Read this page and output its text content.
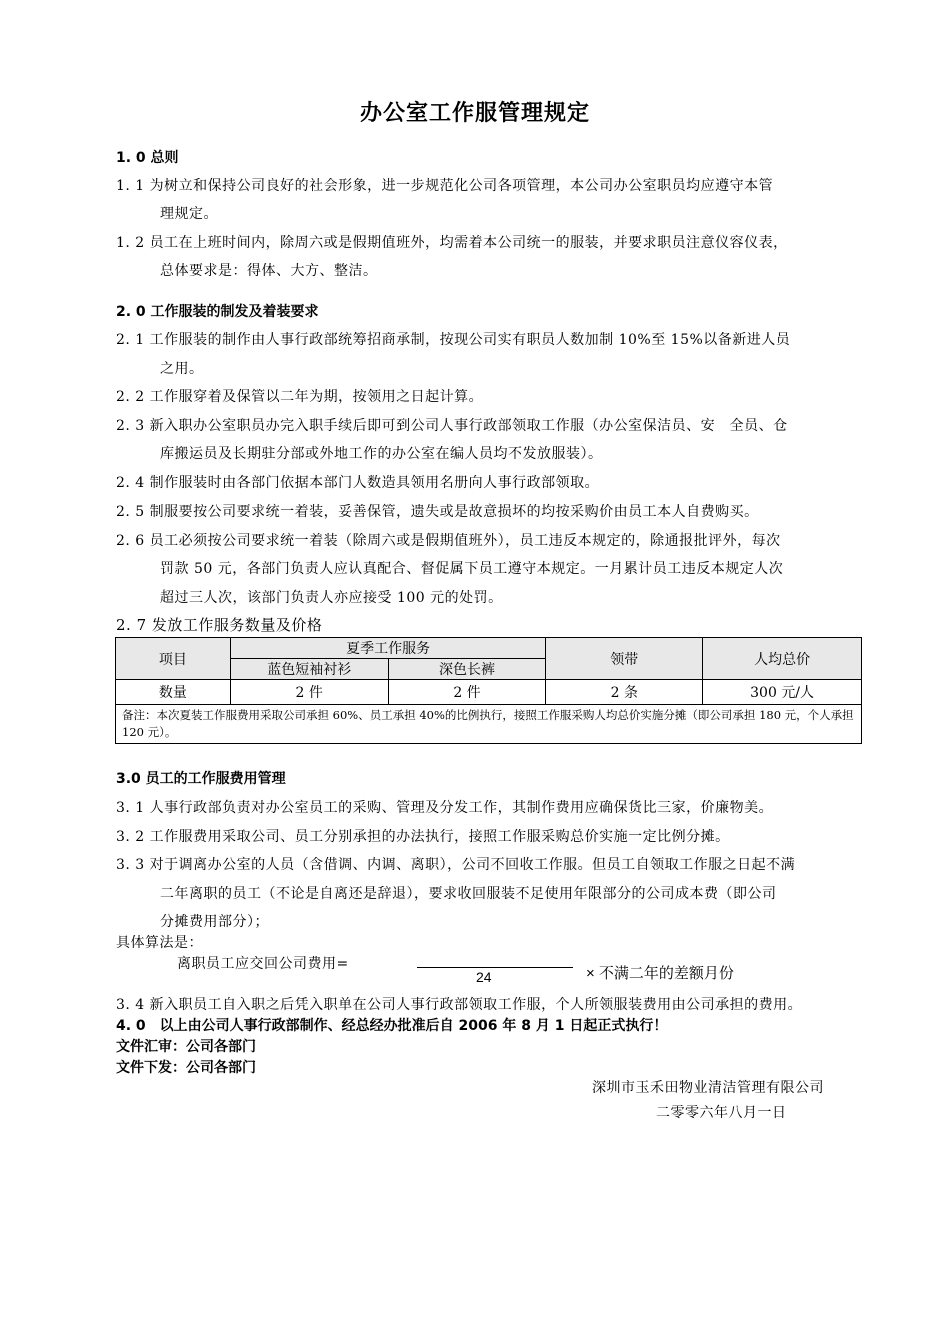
办公室工作服管理规定
1. 0 总则
1. 1 为树立和保持公司良好的社会形象，进一步规范化公司各项管理，本公司办公室职员均应遵守本管
理规定。
1. 2 员工在上班时间内，除周六或是假期值班外，均需着本公司统一的服装，并要求职员注意仪容仪表，
总体要求是：得体、大方、整洁。
2. 0 工作服装的制发及着装要求
2. 1 工作服装的制作由人事行政部统筹招商承制，按现公司实有职员人数加制 10%至 15%以备新进人员
之用。
2. 2 工作服穿着及保管以二年为期，按领用之日起计算。
2. 3 新入职办公室职员办完入职手续后即可到公司人事行政部领取工作服（办公室保洁员、安　全员、仓
库搬运员及长期驻分部或外地工作的办公室在编人员均不发放服装）。
2. 4 制作服装时由各部门依据本部门人数造具领用名册向人事行政部领取。
2. 5 制服要按公司要求统一着装，妥善保管，遗失或是故意损坏的均按采购价由员工本人自费购买。
2. 6 员工必须按公司要求统一着装（除周六或是假期值班外），员工违反本规定的，除通报批评外，每次
罚款 50 元，各部门负责人应认真配合、督促属下员工遵守本规定。一月累计员工违反本规定人次
超过三人次，该部门负责人亦应接受 100 元的处罚。
2. 7 发放工作服务数量及价格
项目	夏季工作服务		领带	人均总价
	蓝色短袖衬衫	深色长裤		
数量	2 件	2 件	2 条	300 元/人
备注：本次夏装工作服费用采取公司承担 60%、员工承担 40%的比例执行，接照工作服采购人均总价实施分摊（即公司承担 180 元，个人承担 120 元）。				
3.0 员工的工作服费用管理
3. 1 人事行政部负责对办公室员工的采购、管理及分发工作，其制作费用应确保货比三家，价廉物美。
3. 2 工作服费用采取公司、员工分别承担的办法执行，接照工作服采购总价实施一定比例分摊。
3. 3 对于调离办公室的人员（含借调、内调、离职），公司不回收工作服。但员工自领取工作服之日起不满
二年离职的员工（不论是自离还是辞退），要求收回服装不足使用年限部分的公司成本费（即公司
分摊费用部分）；
具体算法是：
离职员工应交回公司费用=
24	× 不满二年的差额月份
3. 4 新入职员工自入职之后凭入职单在公司人事行政部领取工作服，个人所领服装费用由公司承担的费用。
4. 0　以上由公司人事行政部制作、经总经办批准后自 2006 年 8 月 1 日起正式执行！
文件汇审：公司各部门
文件下发：公司各部门
深圳市玉禾田物业清洁管理有限公司
二零零六年八月一日
